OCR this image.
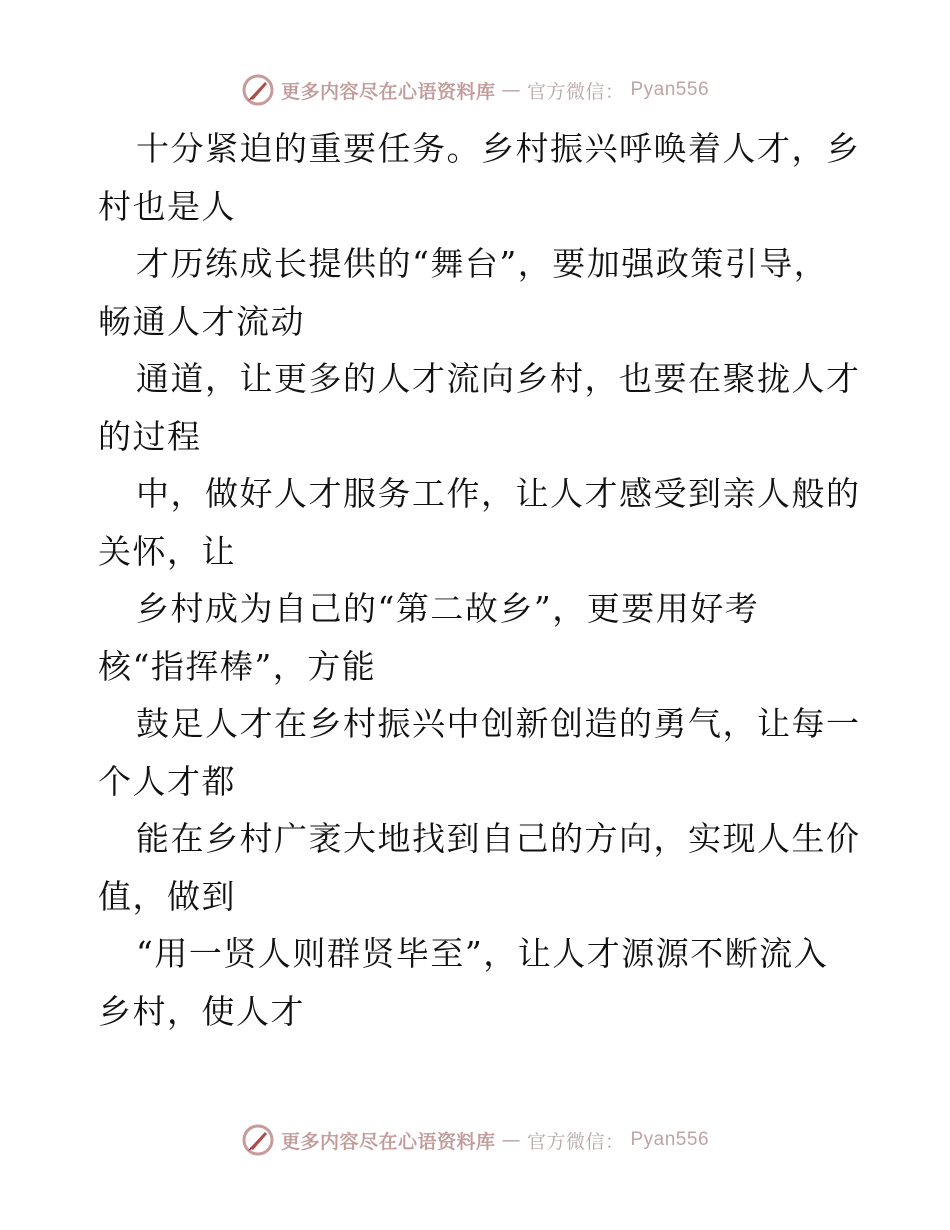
更多内容尽在心语资料库 — 官方微信： Pyan556
十分紧迫的重要任务。乡村振兴呼唤着人才，乡
村也是人
才历练成长提供的“舞台”，要加强政策引导，
畅通人才流动
通道，让更多的人才流向乡村，也要在聚拢人才
的过程
中，做好人才服务工作，让人才感受到亲人般的
关怀，让
乡村成为自己的“第二故乡”，更要用好考
核“指挥棒”，方能
鼓足人才在乡村振兴中创新创造的勇气，让每一
个人才都
能在乡村广袤大地找到自己的方向，实现人生价
值，做到
“用一贤人则群贤毕至”，让人才源源不断流入
乡村，使人才
更多内容尽在心语资料库 — 官方微信： Pyan556
